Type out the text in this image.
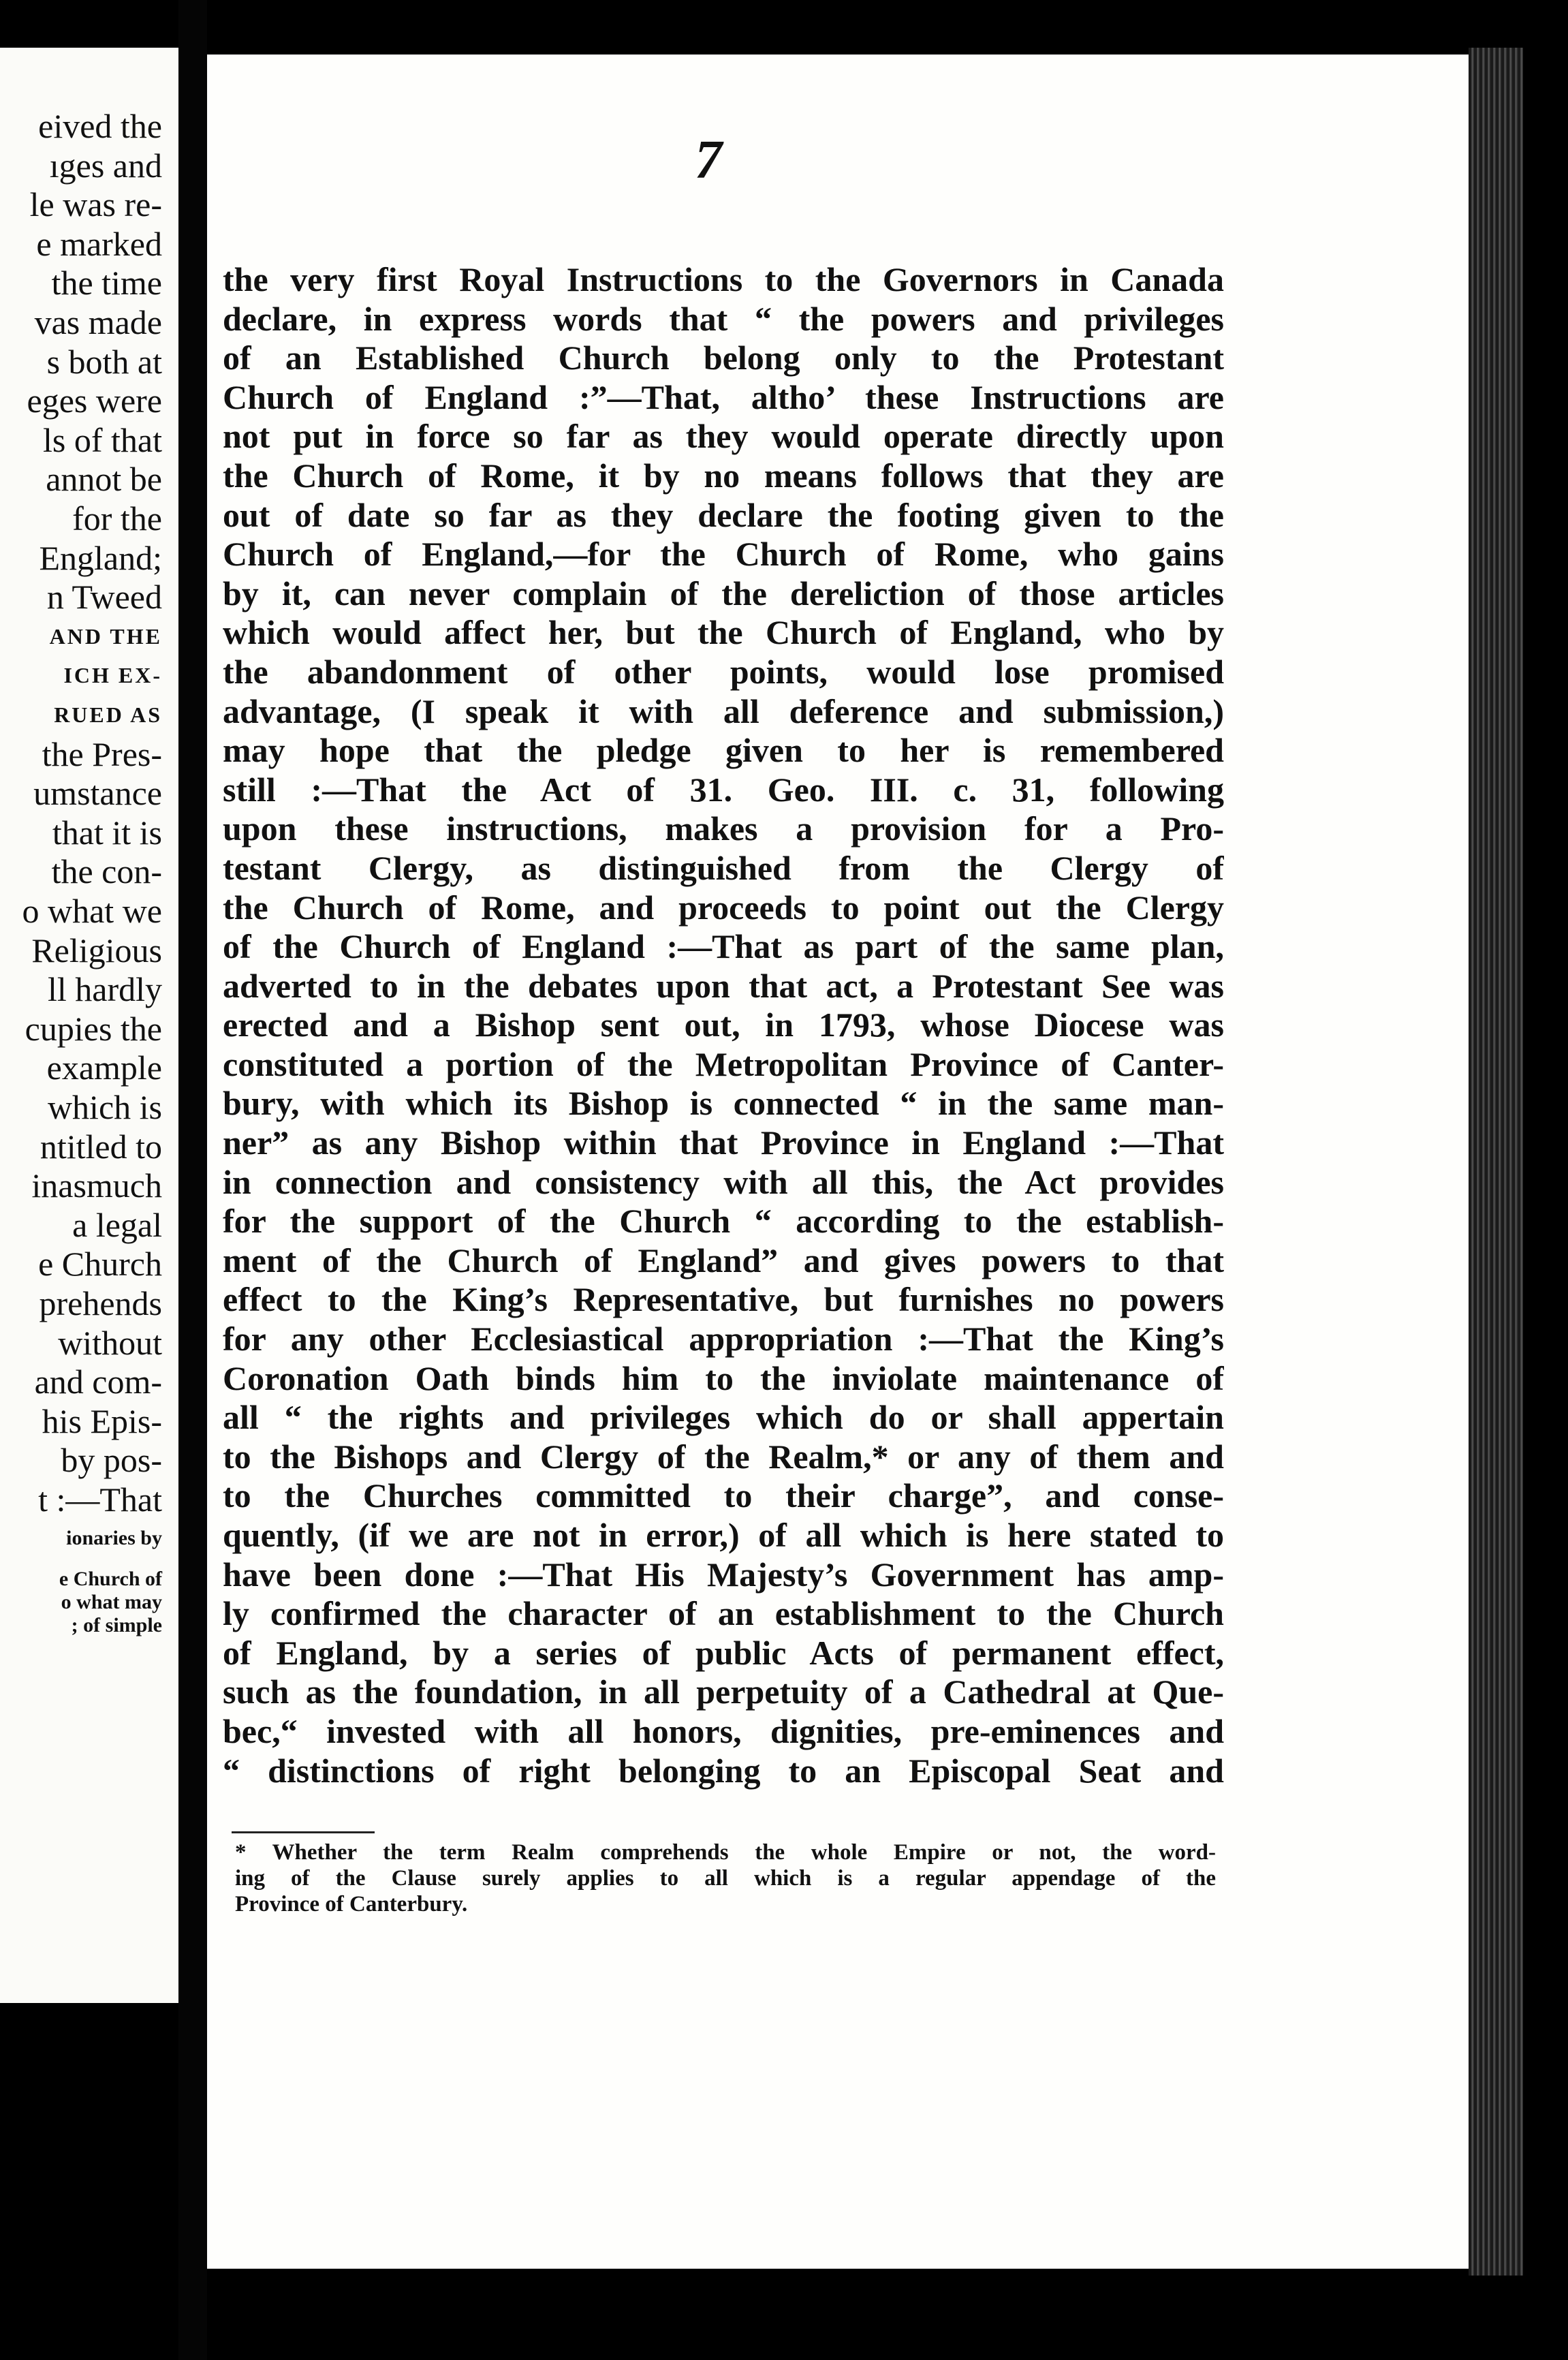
eived the
ıges and
le was re-
e marked
the time
vas made
s both at
eges were
ls of that
annot be
for the
England;
n Tweed
AND THE
ICH EX-
RUED AS
the Pres-
umstance
that it is
the con-
o what we
Religious
ll hardly
cupies the
example
which is
ntitled to
inasmuch
a legal
e Church
prehends
without
and com-
his Epis-
by pos-
t :—That
ionaries by
e Church of
o what may
; of simple
7
the very first Royal Instructions to the Governors in Canada
declare, in express words that “ the powers and privileges
of an Established Church belong only to the Protestant
Church of England :”—That, altho’ these Instructions are
not put in force so far as they would operate directly upon
the Church of Rome, it by no means follows that they are
out of date so far as they declare the footing given to the
Church of England,—for the Church of Rome, who gains
by it, can never complain of the dereliction of those articles
which would affect her, but the Church of England, who by
the abandonment of other points, would lose promised
advantage, (I speak it with all deference and submission,)
may hope that the pledge given to her is remembered
still :—That the Act of 31. Geo. III. c. 31, following
upon these instructions, makes a provision for a Pro-
testant Clergy, as distinguished from the Clergy of
the Church of Rome, and proceeds to point out the Clergy
of the Church of England :—That as part of the same plan,
adverted to in the debates upon that act, a Protestant See was
erected and a Bishop sent out, in 1793, whose Diocese was
constituted a portion of the Metropolitan Province of Canter-
bury, with which its Bishop is connected “ in the same man-
ner” as any Bishop within that Province in England :—That
in connection and consistency with all this, the Act provides
for the support of the Church “ according to the establish-
ment of the Church of England” and gives powers to that
effect to the King’s Representative, but furnishes no powers
for any other Ecclesiastical appropriation :—That the King’s
Coronation Oath binds him to the inviolate maintenance of
all “ the rights and privileges which do or shall appertain
to the Bishops and Clergy of the Realm,* or any of them and
to the Churches committed to their charge”, and conse-
quently, (if we are not in error,) of all which is here stated to
have been done :—That His Majesty’s Government has amp-
ly confirmed the character of an establishment to the Church
of England, by a series of public Acts of permanent effect,
such as the foundation, in all perpetuity of a Cathedral at Que-
bec,“ invested with all honors, dignities, pre-eminences and
“ distinctions of right belonging to an Episcopal Seat and
* Whether the term Realm comprehends the whole Empire or not, the word-
ing of the Clause surely applies to all which is a regular appendage of the
Province of Canterbury.
